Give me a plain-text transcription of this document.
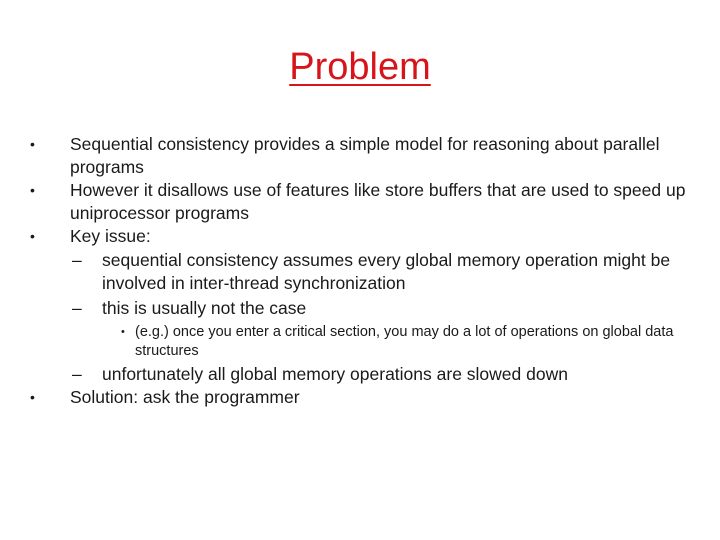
Problem
•	Sequential consistency provides a simple model for reasoning about parallel programs
•	However it disallows use of features like store buffers that are used to speed up uniprocessor programs
•	Key issue:
–	sequential consistency assumes every global memory operation might be involved in inter-thread synchronization
–	this is usually not the case
• (e.g.) once you enter a critical section, you may do a lot of operations on global data structures
–	unfortunately all global memory operations are slowed down
•	Solution: ask the programmer
